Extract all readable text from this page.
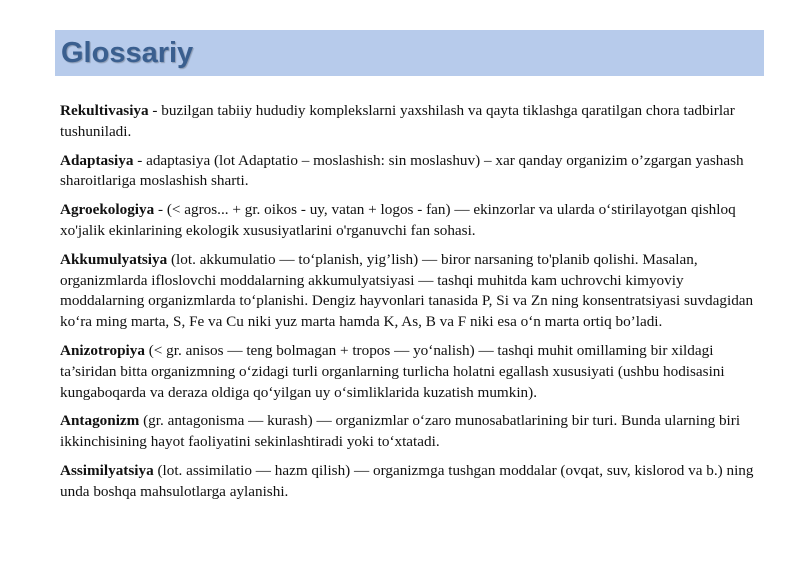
Glossariy

Rekultivasiya - buzilgan tabiiy hududiy komplekslarni yaxshilash va qayta tiklashga qaratilgan chora tadbirlar tushuniladi.

Adaptasiya - adaptasiya (lot Adaptatio – moslashish: sin moslashuv) – xar qanday organizim o’zgargan yashash sharoitlariga moslashish sharti.

Agroekologiya - (< agros... + gr. oikos - uy, vatan + logos - fan) — ekinzorlar va ularda o‘stirilayotgan qishloq xo'jalik ekinlarining ekologik xususiyatlarini o'rganuvchi fan sohasi.

Akkumulyatsiya (lot. akkumulatio — to‘planish, yig’lish) — biror narsaning to'planib qolishi. Masalan, organizmlarda ifloslovchi moddalarning akkumulyatsiyasi — tashqi muhitda kam uchrovchi kimyoviy moddalarning organizmlarda to‘planishi. Dengiz hayvonlari tanasida P, Si va Zn ning konsentratsiyasi suvdagidan ko‘ra ming marta, S, Fe va Cu niki yuz marta hamda K, As, B va F niki esa o‘n marta ortiq bo’ladi.

Anizotropiya (< gr. anisos — teng bolmagan + tropos — yo‘nalish) — tashqi muhit omillaming bir xildagi ta’siridan bitta organizmning o‘zidagi turli organlarning turlicha holatni egallash xususiyati (ushbu hodisasini kungaboqarda va deraza oldiga qo‘yilgan uy o‘simliklarida kuzatish mumkin).

Antagonizm (gr. antagonisma — kurash) — organizmlar o‘zaro munosabatlarining bir turi. Bunda ularning biri ikkinchisining hayot faoliyatini sekinlashtiradi yoki to‘xtatadi.

Assimilyatsiya (lot. assimilatio — hazm qilish) — organizmga tushgan moddalar (ovqat, suv, kislorod va b.) ning unda boshqa mahsulotlarga aylanishi.
